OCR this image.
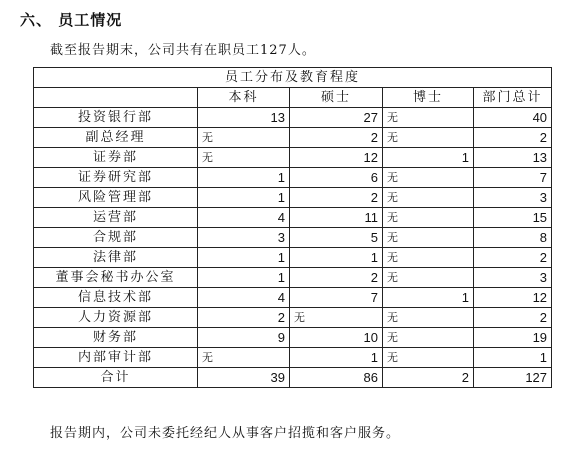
六、 员工情况
截至报告期末，公司共有在职员工127人。
员工分布及教育程度				
	本科	硕士	博士	部门总计
投资银行部	13	27	无	40
副总经理	无	2	无	2
证券部	无	12	1	13
证券研究部	1	6	无	7
风险管理部	1	2	无	3
运营部	4	11	无	15
合规部	3	5	无	8
法律部	1	1	无	2
董事会秘书办公室	1	2	无	3
信息技术部	4	7	1	12
人力资源部	2	无	无	2
财务部	9	10	无	19
内部审计部	无	1	无	1
合计	39	86	2	127
报告期内，公司未委托经纪人从事客户招揽和客户服务。
